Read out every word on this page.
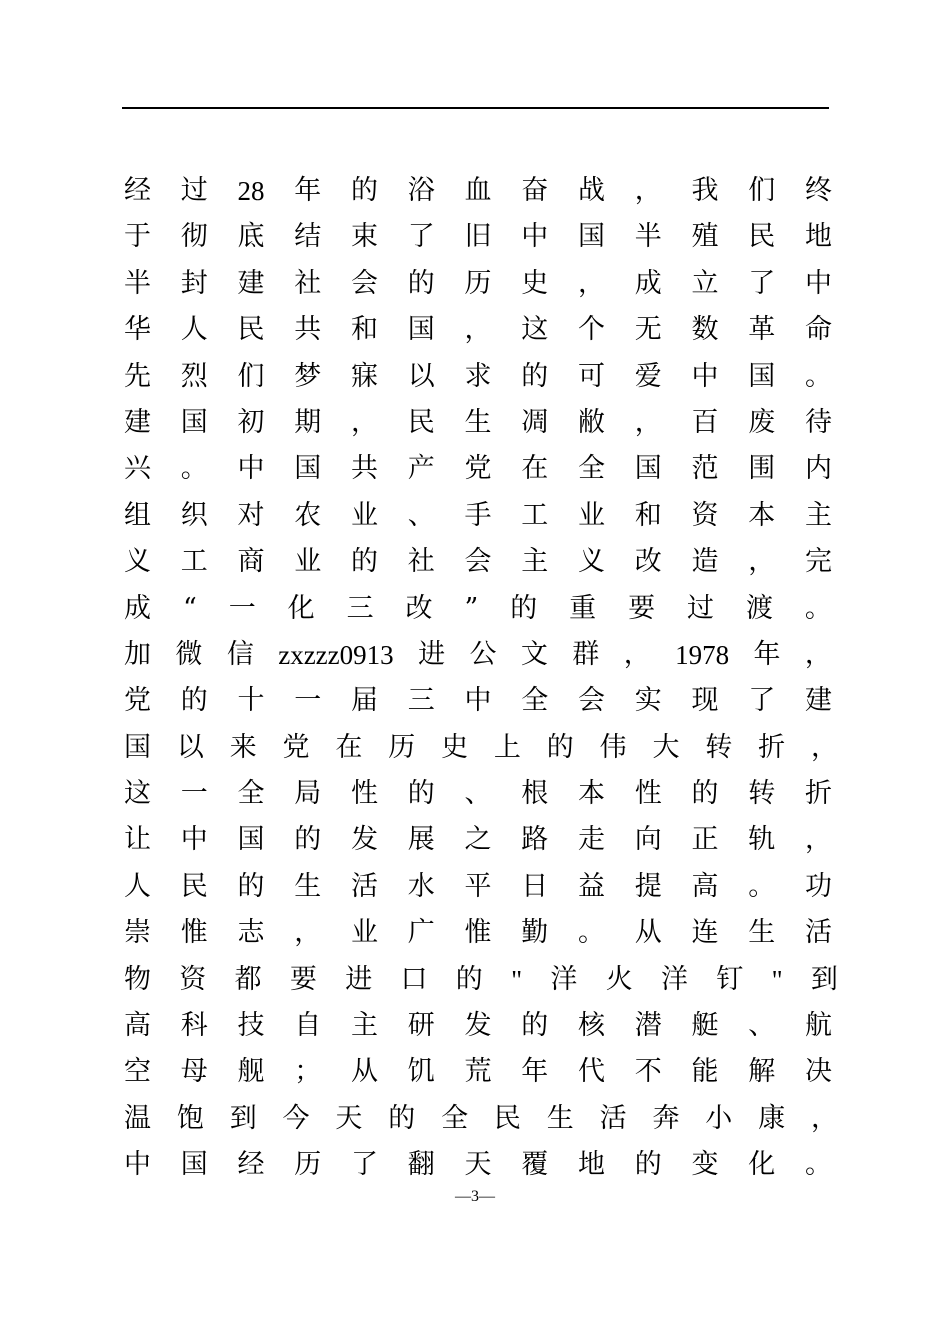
经 过 28 年 的 浴 血 奋 战 ， 我 们 终
于 彻 底 结 束 了 旧 中 国 半 殖 民 地
半 封 建 社 会 的 历 史 ， 成 立 了 中
华 人 民 共 和 国 ， 这 个 无 数 革 命
先 烈 们 梦 寐 以 求 的 可 爱 中 国 。
建 国 初 期 ， 民 生 凋 敝 ， 百 废 待
兴 。 中 国 共 产 党 在 全 国 范 围 内
组 织 对 农 业 、 手 工 业 和 资 本 主
义 工 商 业 的 社 会 主 义 改 造 ， 完
成 “ 一 化 三 改 ” 的 重 要 过 渡 。
加 微 信 zxzzz0913 进 公 文 群 ， 1978 年 ，
党 的 十 一 届 三 中 全 会 实 现 了 建
国 以 来 党 在 历 史 上 的 伟 大 转 折 ，
这 一 全 局 性 的 、 根 本 性 的 转 折
让 中 国 的 发 展 之 路 走 向 正 轨 ，
人 民 的 生 活 水 平 日 益 提 高 。 功
崇 惟 志 ， 业 广 惟 勤 。 从 连 生 活
物 资 都 要 进 口 的 " 洋 火 洋 钉 " 到
高 科 技 自 主 研 发 的 核 潜 艇 、 航
空 母 舰 ； 从 饥 荒 年 代 不 能 解 决
温 饱 到 今 天 的 全 民 生 活 奔 小 康 ，
中 国 经 历 了 翻 天 覆 地 的 变 化 。
—3—
